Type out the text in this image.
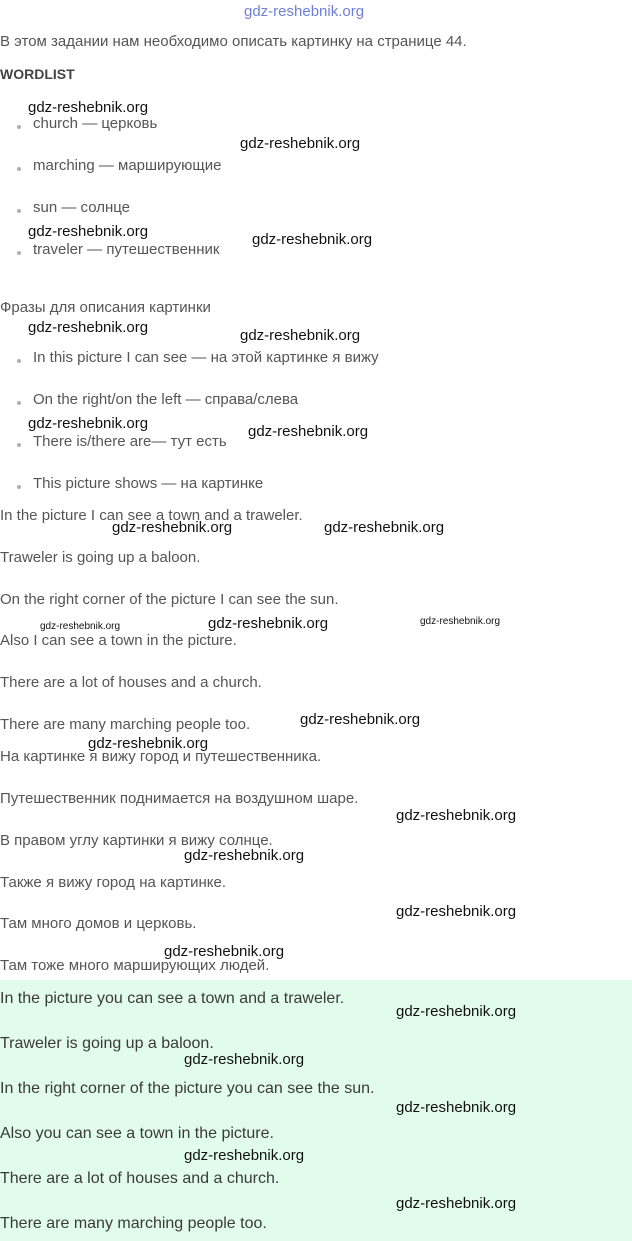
gdz-reshebnik.org
В этом задании нам необходимо описать картинку на странице 44.
WORDLIST
church — церковь
marching — марширующие
sun — солнце
traveler — путешественник
Фразы для описания картинки
In this picture I can see — на этой картинке я вижу
On the right/on the left — справа/слева
There is/there are— тут есть
This picture shows — на картинке
In the picture I can see a town and a traweler.
Traweler is going up a baloon.
On the right corner of the picture I can see the sun.
Also I can see a town in the picture.
There are a lot of houses and a church.
There are many marching people too.
На картинке я вижу город и путешественника.
Путешественник поднимается на воздушном шаре.
В правом углу картинки я вижу солнце.
Также я вижу город на картинке.
Там много домов и церковь.
Там тоже много марширующих людей.
In the picture you can see a town and a traweler.
Traweler is going up a baloon.
In the right corner of the picture you can see the sun.
Also you can see a town in the picture.
There are a lot of houses and a church.
There are many marching people too.
gdz-reshebnik.org
gdz-reshebnik.org
gdz-reshebnik.org	gdz-reshebnik.org
gdz-reshebnik.org	gdz-reshebnik.org
gdz-reshebnik.org	gdz-reshebnik.org
gdz-reshebnik.org	gdz-reshebnik.org
gdz-reshebnik.org	gdz-reshebnik.org	gdz-reshebnik.org
gdz-reshebnik.org
gdz-reshebnik.org
gdz-reshebnik.org
gdz-reshebnik.org
gdz-reshebnik.org
gdz-reshebnik.org
gdz-reshebnik.org
gdz-reshebnik.org
gdz-reshebnik.org
gdz-reshebnik.org
gdz-reshebnik.org
